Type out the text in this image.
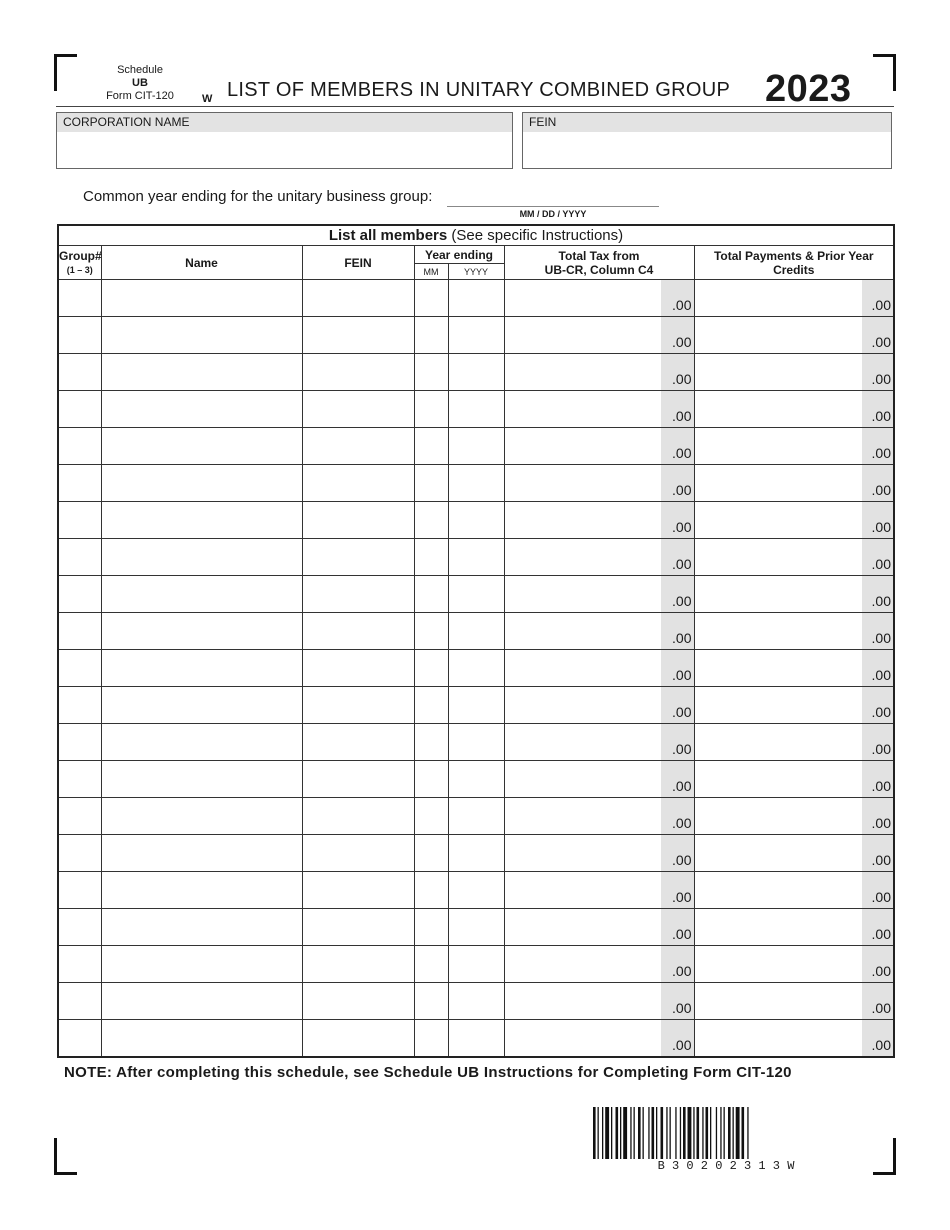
Schedule
UB
Form CIT-120	W LIST OF MEMBERS IN UNITARY COMBINED GROUP 2023
CORPORATION NAME	FEIN
Common year ending for the unitary business group:
MM / DD / YYYY
List all members (See specific Instructions)						
Group#
(1 – 3)	Name	FEIN	Year ending		Total Tax from
UB-CR, Column C4	Total Payments & Prior Year
Credits
			MM	YYYY		

					.00	.00

					.00	.00

					.00	.00

					.00	.00

					.00	.00

					.00	.00

					.00	.00

					.00	.00

					.00	.00

					.00	.00

					.00	.00

					.00	.00

					.00	.00

					.00	.00

					.00	.00

					.00	.00

					.00	.00

					.00	.00

					.00	.00

					.00	.00

					.00	.00
NOTE: After completing this schedule, see Schedule UB Instructions for Completing Form CIT-120
B 3 0 2 0 2 3 1 3 W
